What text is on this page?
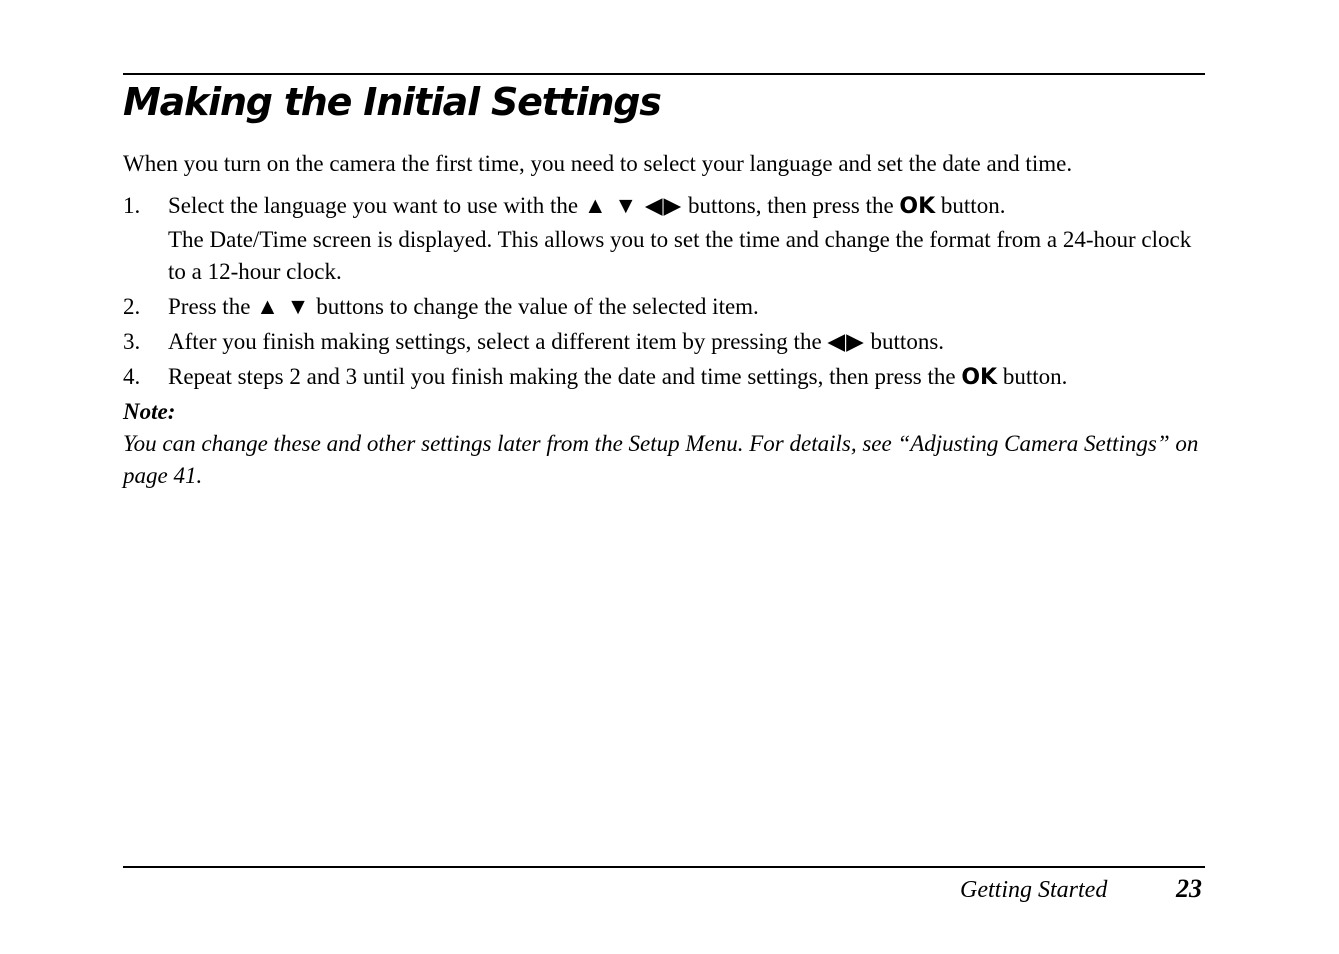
Making the Initial Settings

When you turn on the camera the first time, you need to select your language and set the date and time.

1. Select the language you want to use with the ▲ ▼ ◀▶ buttons, then press the OK button.

The Date/Time screen is displayed. This allows you to set the time and change the format from a 24-hour clock to a 12-hour clock.

2. Press the ▲ ▼ buttons to change the value of the selected item.
3. After you finish making settings, select a different item by pressing the ◀▶ buttons.
4. Repeat steps 2 and 3 until you finish making the date and time settings, then press the OK button.

Note:

You can change these and other settings later from the Setup Menu. For details, see “Adjusting Camera Settings” on page 41.

Getting Started	23
